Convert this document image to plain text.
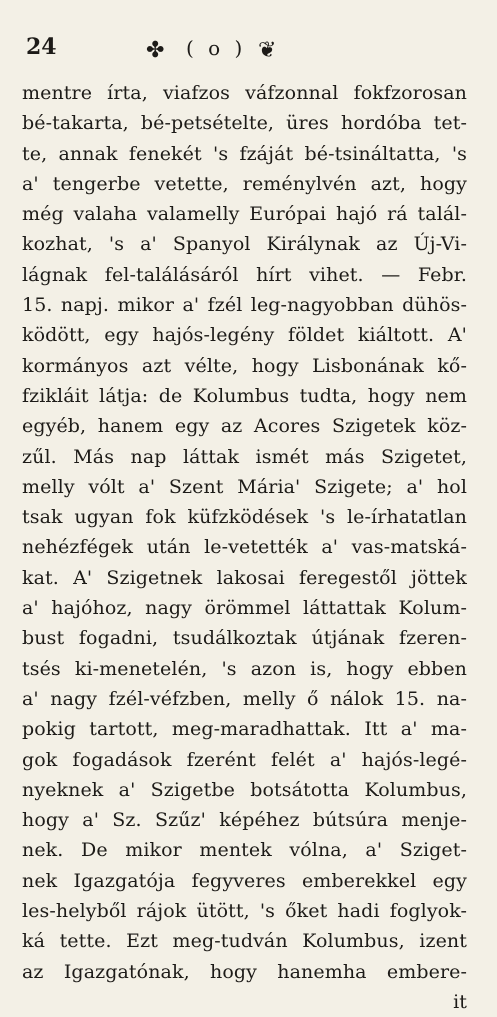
24	✤ ( o ) ❦
mentre írta, viafzos váfzonnal fokfzorosan
bé-takarta, bé-petsételte, üres hordóba tet-
te, annak fenekét 's fzáját bé-tsináltatta, 's
a' tengerbe vetette, reménylvén azt, hogy
még valaha valamelly Európai hajó rá talál-
kozhat, 's a' Spanyol Királynak az Új-Vi-
lágnak fel-találásáról hírt vihet. — Febr.
15. napj. mikor a' fzél leg-nagyobban dühös-
ködött, egy hajós-legény földet kiáltott. A'
kormányos azt vélte, hogy Lisbonának kő-
fzikláit látja: de Kolumbus tudta, hogy nem
egyéb, hanem egy az Acores Szigetek köz-
zűl. Más nap láttak ismét más Szigetet,
melly vólt a' Szent Mária' Szigete; a' hol
tsak ugyan fok küfzködések 's le-írhatatlan
nehézfégek után le-vetették a' vas-matská-
kat. A' Szigetnek lakosai feregestől jöttek
a' hajóhoz, nagy örömmel láttattak Kolum-
bust fogadni, tsudálkoztak útjának fzeren-
tsés ki-menetelén, 's azon is, hogy ebben
a' nagy fzél-véfzben, melly ő nálok 15. na-
pokig tartott, meg-maradhattak. Itt a' ma-
gok fogadások fzerént felét a' hajós-legé-
nyeknek a' Szigetbe botsátotta Kolumbus,
hogy a' Sz. Szűz' képéhez bútsúra menje-
nek. De mikor mentek vólna, a' Sziget-
nek Igazgatója fegyveres emberekkel egy
les-helyből rájok ütött, 's őket hadi foglyok-
ká tette. Ezt meg-tudván Kolumbus, izent
az Igazgatónak, hogy hanemha embere-
it
